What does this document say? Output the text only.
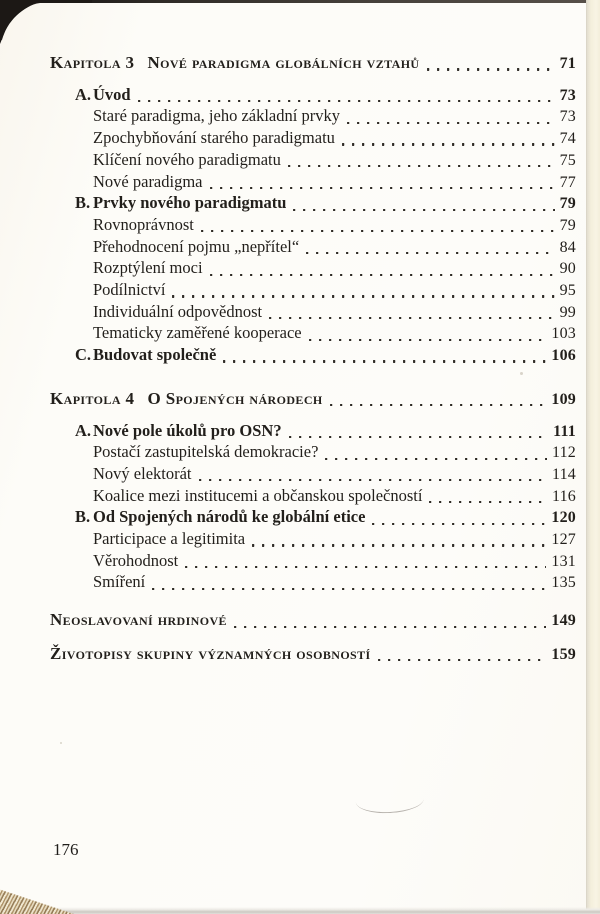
Kapitola 3 Nové paradigma globálních vztahů	71
A. Úvod	73
Staré paradigma, jeho základní prvky	73
Zpochybňování starého paradigmatu	74
Klíčení nového paradigmatu	75
Nové paradigma	77
B. Prvky nového paradigmatu	79
Rovnoprávnost	79
Přehodnocení pojmu „nepřítel“	84
Rozptýlení moci	90
Podílnictví	95
Individuální odpovědnost	99
Tematicky zaměřené kooperace	103
C. Budovat společně	106
Kapitola 4 O Spojených národech	109
A. Nové pole úkolů pro OSN?	111
Postačí zastupitelská demokracie?	112
Nový elektorát	114
Koalice mezi institucemi a občanskou společností	116
B. Od Spojených národů ke globální etice	120
Participace a legitimita	127
Věrohodnost	131
Smíření	135
Neoslavovaní hrdinové	149
Životopisy skupiny významných osobností	159
176
